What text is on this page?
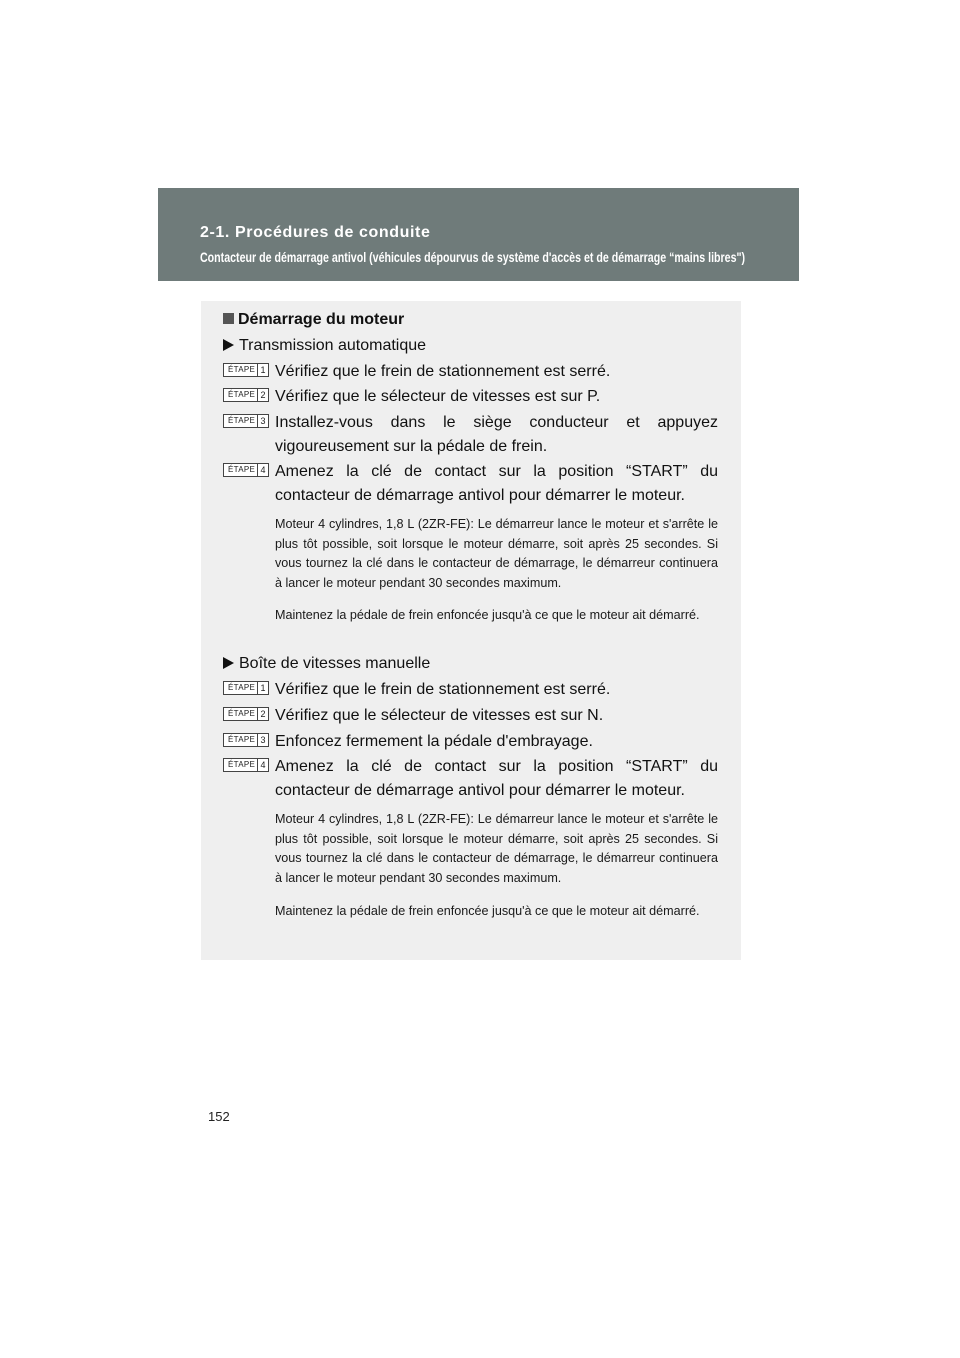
2-1. Procédures de conduite
Contacteur de démarrage antivol (véhicules dépourvus de système d'accès et de démarrage “mains libres")
Démarrage du moteur
Transmission automatique
ÉTAPE 1 Vérifiez que le frein de stationnement est serré.
ÉTAPE 2 Vérifiez que le sélecteur de vitesses est sur P.
ÉTAPE 3 Installez-vous dans le siège conducteur et appuyez vigoureusement sur la pédale de frein.
ÉTAPE 4 Amenez la clé de contact sur la position “START” du contacteur de démarrage antivol pour démarrer le moteur.
Moteur 4 cylindres, 1,8 L (2ZR-FE): Le démarreur lance le moteur et s'arrête le plus tôt possible, soit lorsque le moteur démarre, soit après 25 secondes. Si vous tournez la clé dans le contacteur de démarrage, le démarreur continuera à lancer le moteur pendant 30 secondes maximum.
Maintenez la pédale de frein enfoncée jusqu'à ce que le moteur ait démarré.
Boîte de vitesses manuelle
ÉTAPE 1 Vérifiez que le frein de stationnement est serré.
ÉTAPE 2 Vérifiez que le sélecteur de vitesses est sur N.
ÉTAPE 3 Enfoncez fermement la pédale d'embrayage.
ÉTAPE 4 Amenez la clé de contact sur la position “START” du contacteur de démarrage antivol pour démarrer le moteur.
Moteur 4 cylindres, 1,8 L (2ZR-FE): Le démarreur lance le moteur et s'arrête le plus tôt possible, soit lorsque le moteur démarre, soit après 25 secondes. Si vous tournez la clé dans le contacteur de démarrage, le démarreur continuera à lancer le moteur pendant 30 secondes maximum.
Maintenez la pédale de frein enfoncée jusqu'à ce que le moteur ait démarré.
152
